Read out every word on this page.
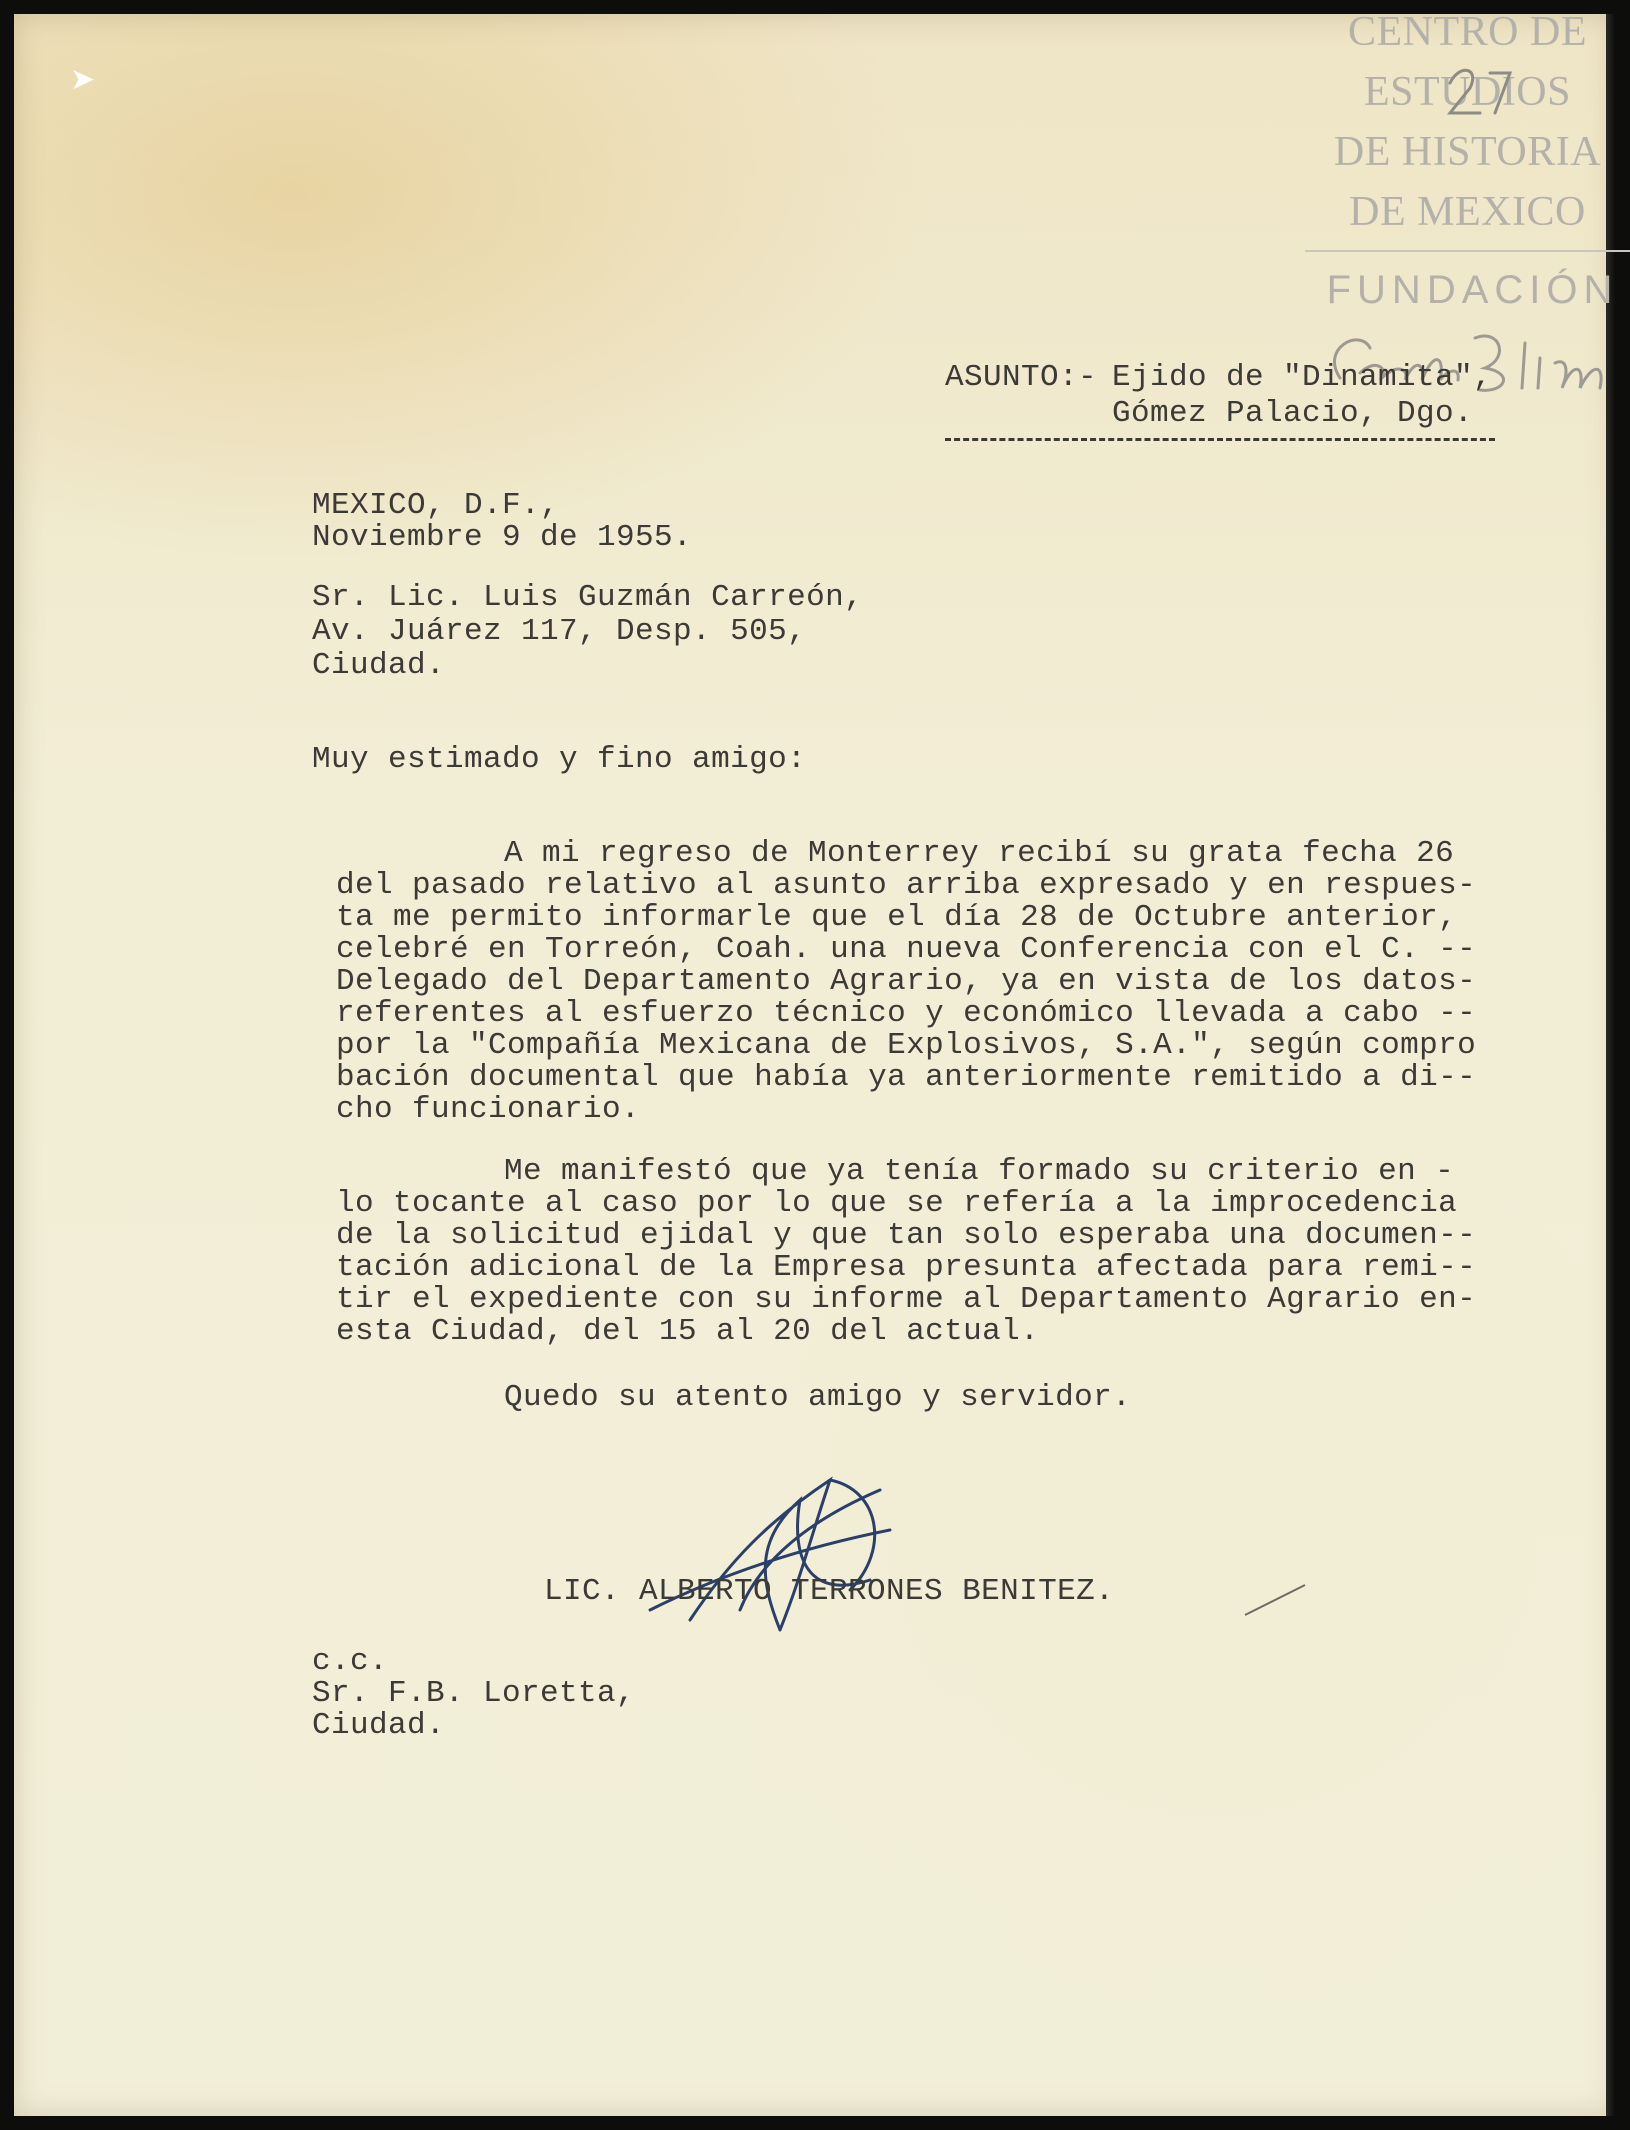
➤
CENTRO DE
ESTUDIOS
DE HISTORIA
DE MEXICO
FUNDACIÓN
ASUNTO:- Ejido de "Dinamita",
Gómez Palacio, Dgo.
MEXICO, D.F.,
Noviembre 9 de 1955.
Sr. Lic. Luis Guzmán Carreón,
Av. Juárez 117, Desp. 505,
Ciudad.
Muy estimado y fino amigo:
A mi regreso de Monterrey recibí su grata fecha 26
del pasado relativo al asunto arriba expresado y en respues-
ta me permito informarle que el día 28 de Octubre anterior,
celebré en Torreón, Coah. una nueva Conferencia con el C. --
Delegado del Departamento Agrario, ya en vista de los datos-
referentes al esfuerzo técnico y económico llevada a cabo --
por la "Compañía Mexicana de Explosivos, S.A.", según compro
bación documental que había ya anteriormente remitido a di--
cho funcionario.
Me manifestó que ya tenía formado su criterio en -
lo tocante al caso por lo que se refería a la improcedencia
de la solicitud ejidal y que tan solo esperaba una documen--
tación adicional de la Empresa presunta afectada para remi--
tir el expediente con su informe al Departamento Agrario en-
esta Ciudad, del 15 al 20 del actual.
Quedo su atento amigo y servidor.
LIC. ALBERTO TERRONES BENITEZ.
c.c.
Sr. F.B. Loretta,
Ciudad.
